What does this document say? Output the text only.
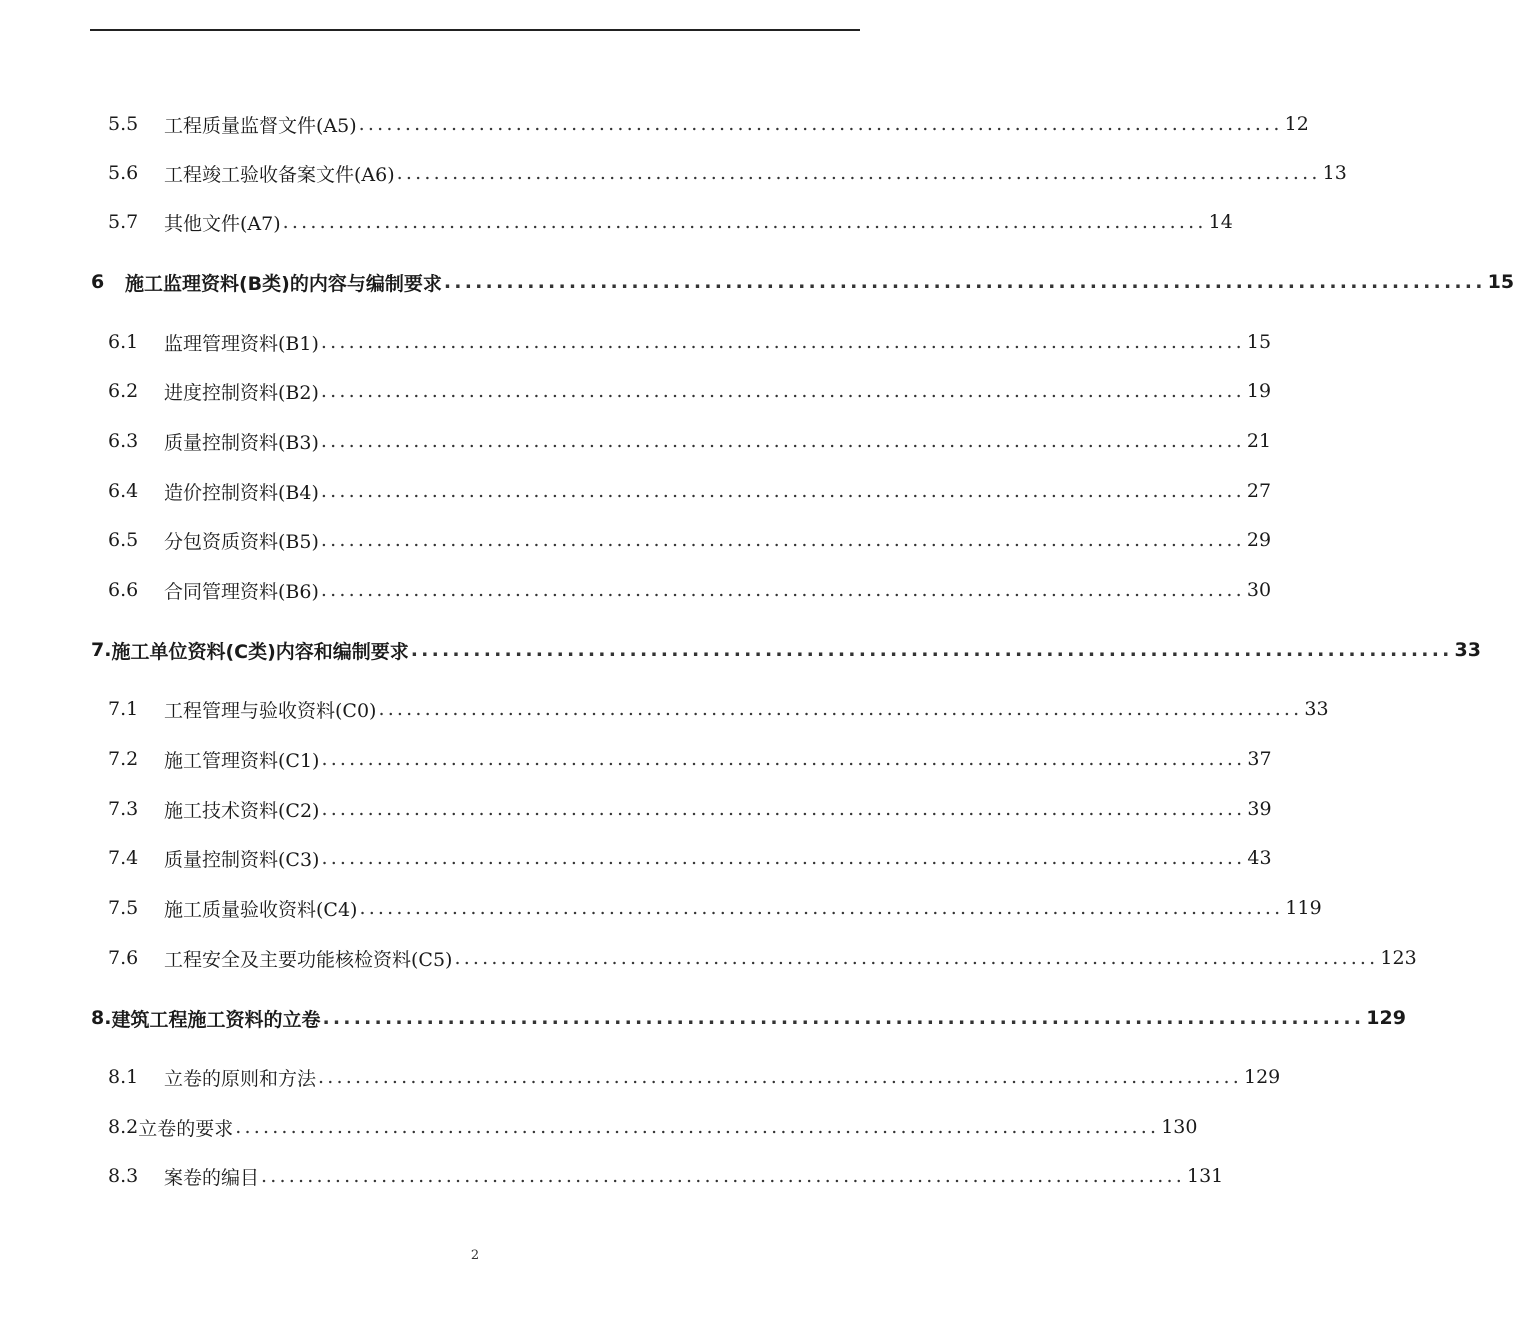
5.5	工程质量监督文件(A5) .................................................................................................... 12
5.6	工程竣工验收备案文件(A6) .................................................................................................... 13
5.7	其他文件(A7) .................................................................................................... 14
6	施工监理资料(B类)的内容与编制要求 .................................................................................................... 15
6.1	监理管理资料(B1) .................................................................................................... 15
6.2	进度控制资料(B2) .................................................................................................... 19
6.3	质量控制资料(B3) .................................................................................................... 21
6.4	造价控制资料(B4) .................................................................................................... 27
6.5	分包资质资料(B5) .................................................................................................... 29
6.6	合同管理资料(B6) .................................................................................................... 30
7. 施工单位资料(C类)内容和编制要求 .................................................................................................... 33
7.1	工程管理与验收资料(C0) .................................................................................................... 33
7.2	施工管理资料(C1) .................................................................................................... 37
7.3	施工技术资料(C2) .................................................................................................... 39
7.4	质量控制资料(C3) .................................................................................................... 43
7.5	施工质量验收资料(C4) .................................................................................................... 119
7.6	工程安全及主要功能核检资料(C5) .................................................................................................... 123
8. 建筑工程施工资料的立卷 .................................................................................................... 129
8.1	立卷的原则和方法 .................................................................................................... 129
8.2 立卷的要求 .................................................................................................... 130
8.3	案卷的编目 .................................................................................................... 131
2
